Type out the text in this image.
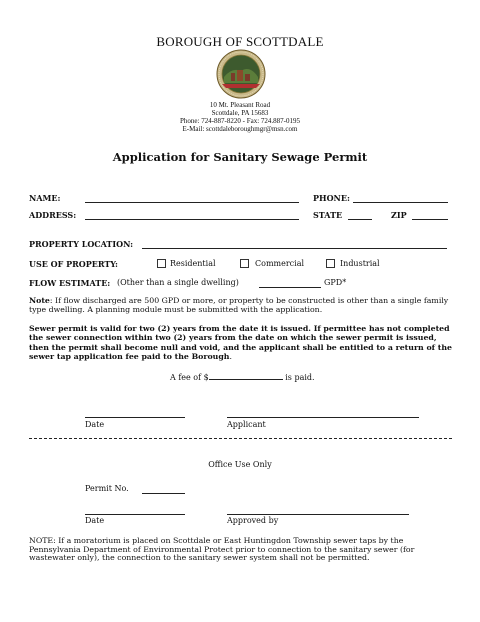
BOROUGH OF SCOTTDALE
10 Mt. Pleasant Road
Scottdale, PA 15683
Phone: 724-887-8220 - Fax: 724.887-0195
E-Mail: scottdaleboroughmgr@msn.com
Application for Sanitary Sewage Permit
NAME:	PHONE:
ADDRESS:	STATE	ZIP
PROPERTY LOCATION:
USE OF PROPERTY:	Residential	Commercial	Industrial
FLOW ESTIMATE: (Other than a single dwelling)	GPD*
Note: If flow discharged are 500 GPD or more, or property to be constructed is other than a single family type dwelling. A planning module must be submitted with the application.
Sewer permit is valid for two (2) years from the date it is issued. If permittee has not completed the sewer connection within two (2) years from the date on which the sewer permit is issued, then the permit shall become null and void, and the applicant shall be entitled to a return of the sewer tap application fee paid to the Borough.
A fee of $	is paid.
Date	Applicant
Office Use Only
Permit No.
Date	Approved by
NOTE: If a moratorium is placed on Scottdale or East Huntingdon Township sewer taps by the Pennsylvania Department of Environmental Protect prior to connection to the sanitary sewer (for wastewater only), the connection to the sanitary sewer system shall not be permitted.
